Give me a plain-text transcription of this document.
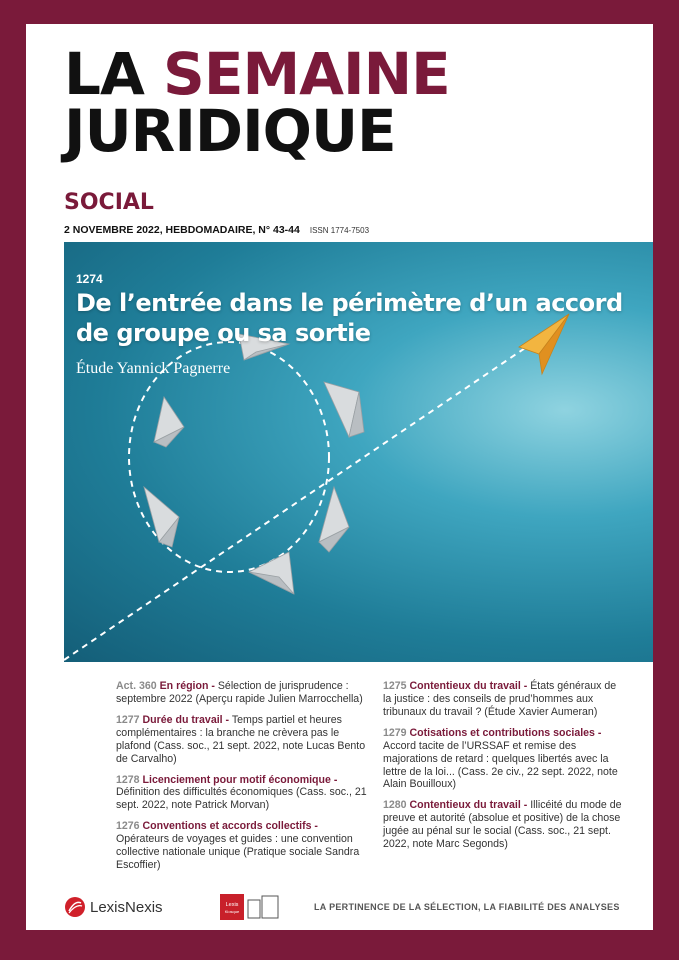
LA SEMAINE
JURIDIQUE
SOCIAL
2 NOVEMBRE 2022, HEBDOMADAIRE, N° 43-44 ISSN 1774-7503
1274
De l’entrée dans le périmètre d’un accord de groupe ou sa sortie
Étude Yannick Pagnerre
Act. 360 En région - Sélection de jurisprudence : septembre 2022 (Aperçu rapide Julien Marrocchella)
1277 Durée du travail - Temps partiel et heures complémentaires : la branche ne crèvera pas le plafond (Cass. soc., 21 sept. 2022, note Lucas Bento de Carvalho)
1278 Licenciement pour motif économique - Définition des difficultés économiques (Cass. soc., 21 sept. 2022, note Patrick Morvan)
1276 Conventions et accords collectifs - Opérateurs de voyages et guides : une convention collective nationale unique (Pratique sociale Sandra Escoffier)
1275 Contentieux du travail - États généraux de la justice : des conseils de prud’hommes aux tribunaux du travail ? (Étude Xavier Aumeran)
1279 Cotisations et contributions sociales - Accord tacite de l’URSSAF et remise des majorations de retard : quelques libertés avec la lettre de la loi... (Cass. 2e civ., 22 sept. 2022, note Alain Bouilloux)
1280 Contentieux du travail - Illicéité du mode de preuve et autorité (absolue et positive) de la chose jugée au pénal sur le social (Cass. soc., 21 sept. 2022, note Marc Segonds)
LexisNexis	Lexis
Kiosque	LA PERTINENCE DE LA SÉLECTION, LA FIABILITÉ DES ANALYSES
